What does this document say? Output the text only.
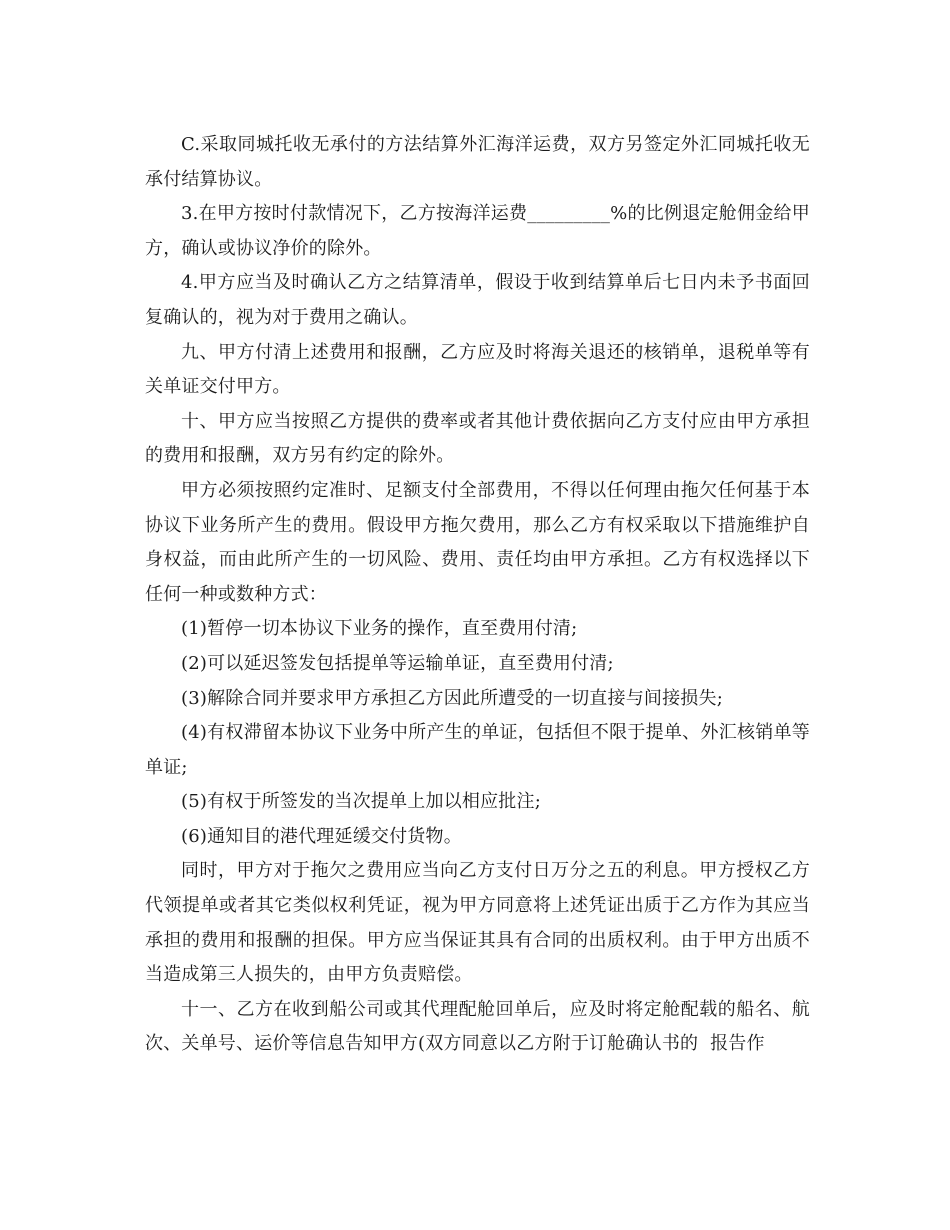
C.采取同城托收无承付的方法结算外汇海洋运费，双方另签定外汇同城托收无承付结算协议。

3.在甲方按时付款情况下，乙方按海洋运费_________%的比例退定舱佣金给甲方，确认或协议净价的除外。

4.甲方应当及时确认乙方之结算清单，假设于收到结算单后七日内未予书面回复确认的，视为对于费用之确认。

九、甲方付清上述费用和报酬，乙方应及时将海关退还的核销单，退税单等有关单证交付甲方。

十、甲方应当按照乙方提供的费率或者其他计费依据向乙方支付应由甲方承担的费用和报酬，双方另有约定的除外。

甲方必须按照约定准时、足额支付全部费用，不得以任何理由拖欠任何基于本协议下业务所产生的费用。假设甲方拖欠费用，那么乙方有权采取以下措施维护自身权益，而由此所产生的一切风险、费用、责任均由甲方承担。乙方有权选择以下任何一种或数种方式：

(1)暂停一切本协议下业务的操作，直至费用付清;

(2)可以延迟签发包括提单等运输单证，直至费用付清;

(3)解除合同并要求甲方承担乙方因此所遭受的一切直接与间接损失;

(4)有权滞留本协议下业务中所产生的单证，包括但不限于提单、外汇核销单等单证;

(5)有权于所签发的当次提单上加以相应批注;

(6)通知目的港代理延缓交付货物。

同时，甲方对于拖欠之费用应当向乙方支付日万分之五的利息。甲方授权乙方代领提单或者其它类似权利凭证，视为甲方同意将上述凭证出质于乙方作为其应当承担的费用和报酬的担保。甲方应当保证其具有合同的出质权利。由于甲方出质不当造成第三人损失的，由甲方负责赔偿。

十一、乙方在收到船公司或其代理配舱回单后，应及时将定舱配载的船名、航次、关单号、运价等信息告知甲方(双方同意以乙方附于订舱确认书的  报告作
